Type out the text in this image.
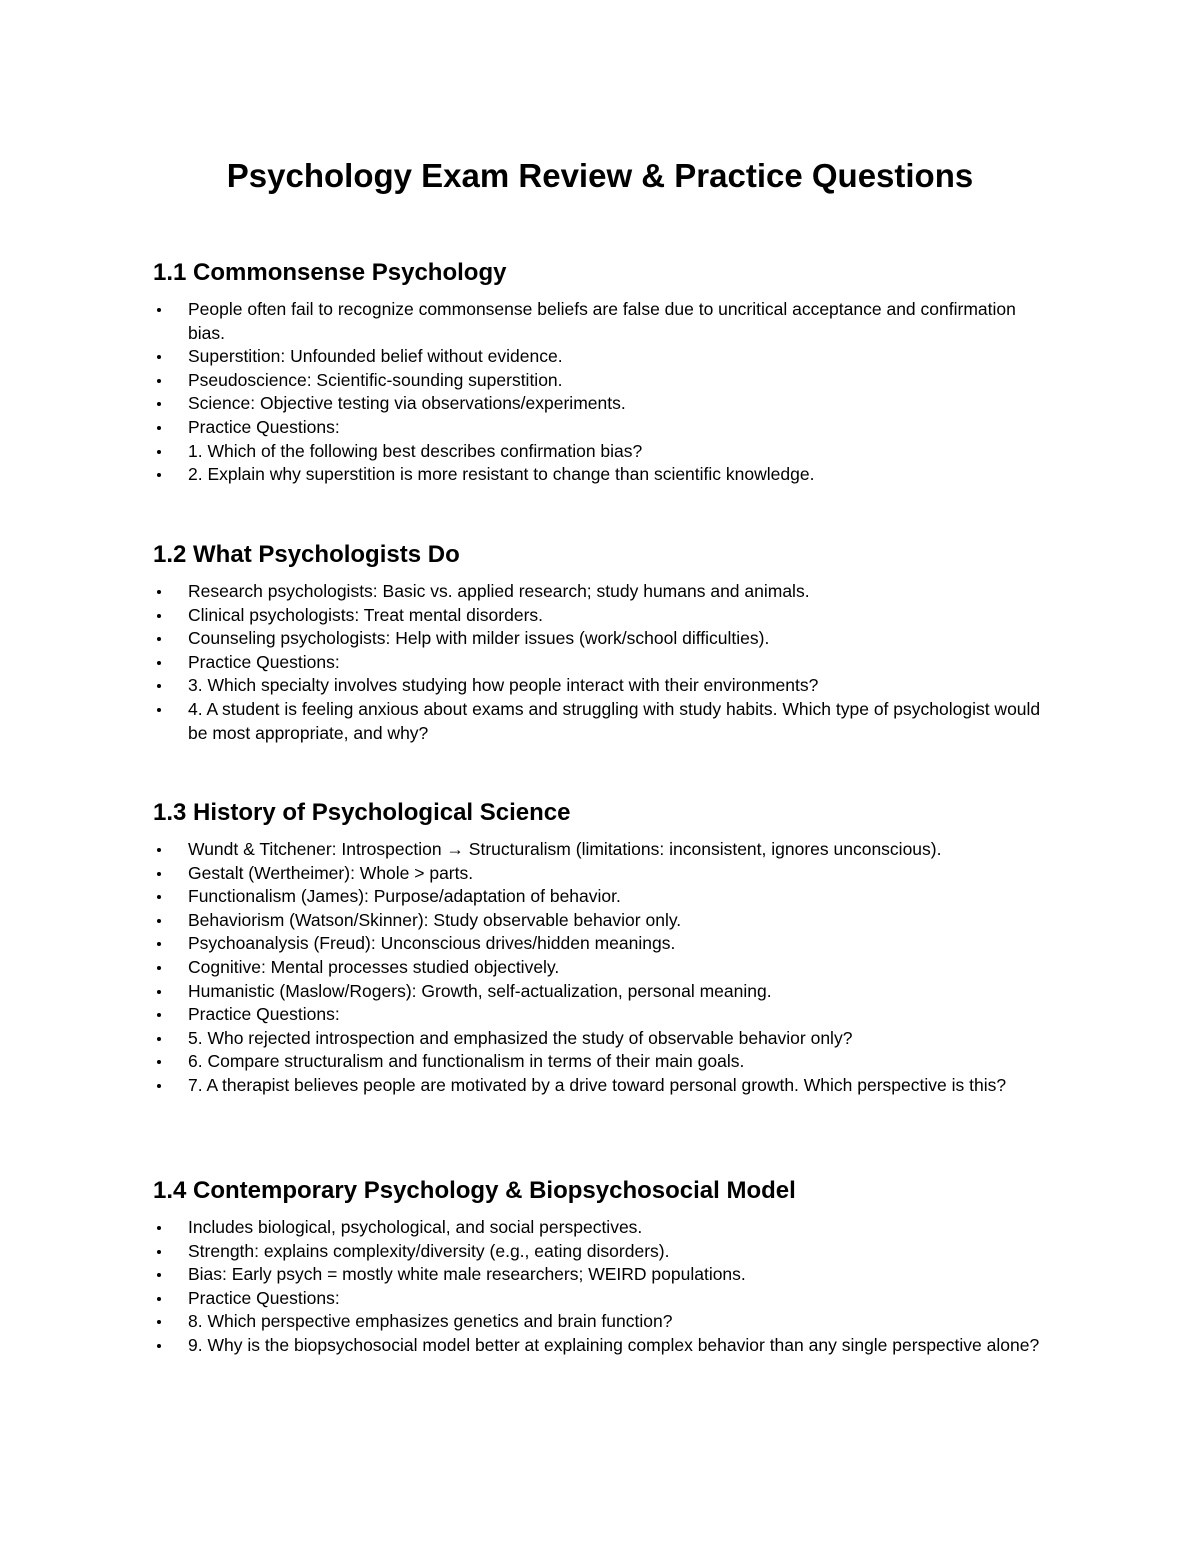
Psychology Exam Review & Practice Questions
1.1 Commonsense Psychology
People often fail to recognize commonsense beliefs are false due to uncritical acceptance and confirmation bias.
Superstition: Unfounded belief without evidence.
Pseudoscience: Scientific-sounding superstition.
Science: Objective testing via observations/experiments.
Practice Questions:
1. Which of the following best describes confirmation bias?
2. Explain why superstition is more resistant to change than scientific knowledge.
1.2 What Psychologists Do
Research psychologists: Basic vs. applied research; study humans and animals.
Clinical psychologists: Treat mental disorders.
Counseling psychologists: Help with milder issues (work/school difficulties).
Practice Questions:
3. Which specialty involves studying how people interact with their environments?
4. A student is feeling anxious about exams and struggling with study habits. Which type of psychologist would be most appropriate, and why?
1.3 History of Psychological Science
Wundt & Titchener: Introspection → Structuralism (limitations: inconsistent, ignores unconscious).
Gestalt (Wertheimer): Whole > parts.
Functionalism (James): Purpose/adaptation of behavior.
Behaviorism (Watson/Skinner): Study observable behavior only.
Psychoanalysis (Freud): Unconscious drives/hidden meanings.
Cognitive: Mental processes studied objectively.
Humanistic (Maslow/Rogers): Growth, self-actualization, personal meaning.
Practice Questions:
5. Who rejected introspection and emphasized the study of observable behavior only?
6. Compare structuralism and functionalism in terms of their main goals.
7. A therapist believes people are motivated by a drive toward personal growth. Which perspective is this?
1.4 Contemporary Psychology & Biopsychosocial Model
Includes biological, psychological, and social perspectives.
Strength: explains complexity/diversity (e.g., eating disorders).
Bias: Early psych = mostly white male researchers; WEIRD populations.
Practice Questions:
8. Which perspective emphasizes genetics and brain function?
9. Why is the biopsychosocial model better at explaining complex behavior than any single perspective alone?
